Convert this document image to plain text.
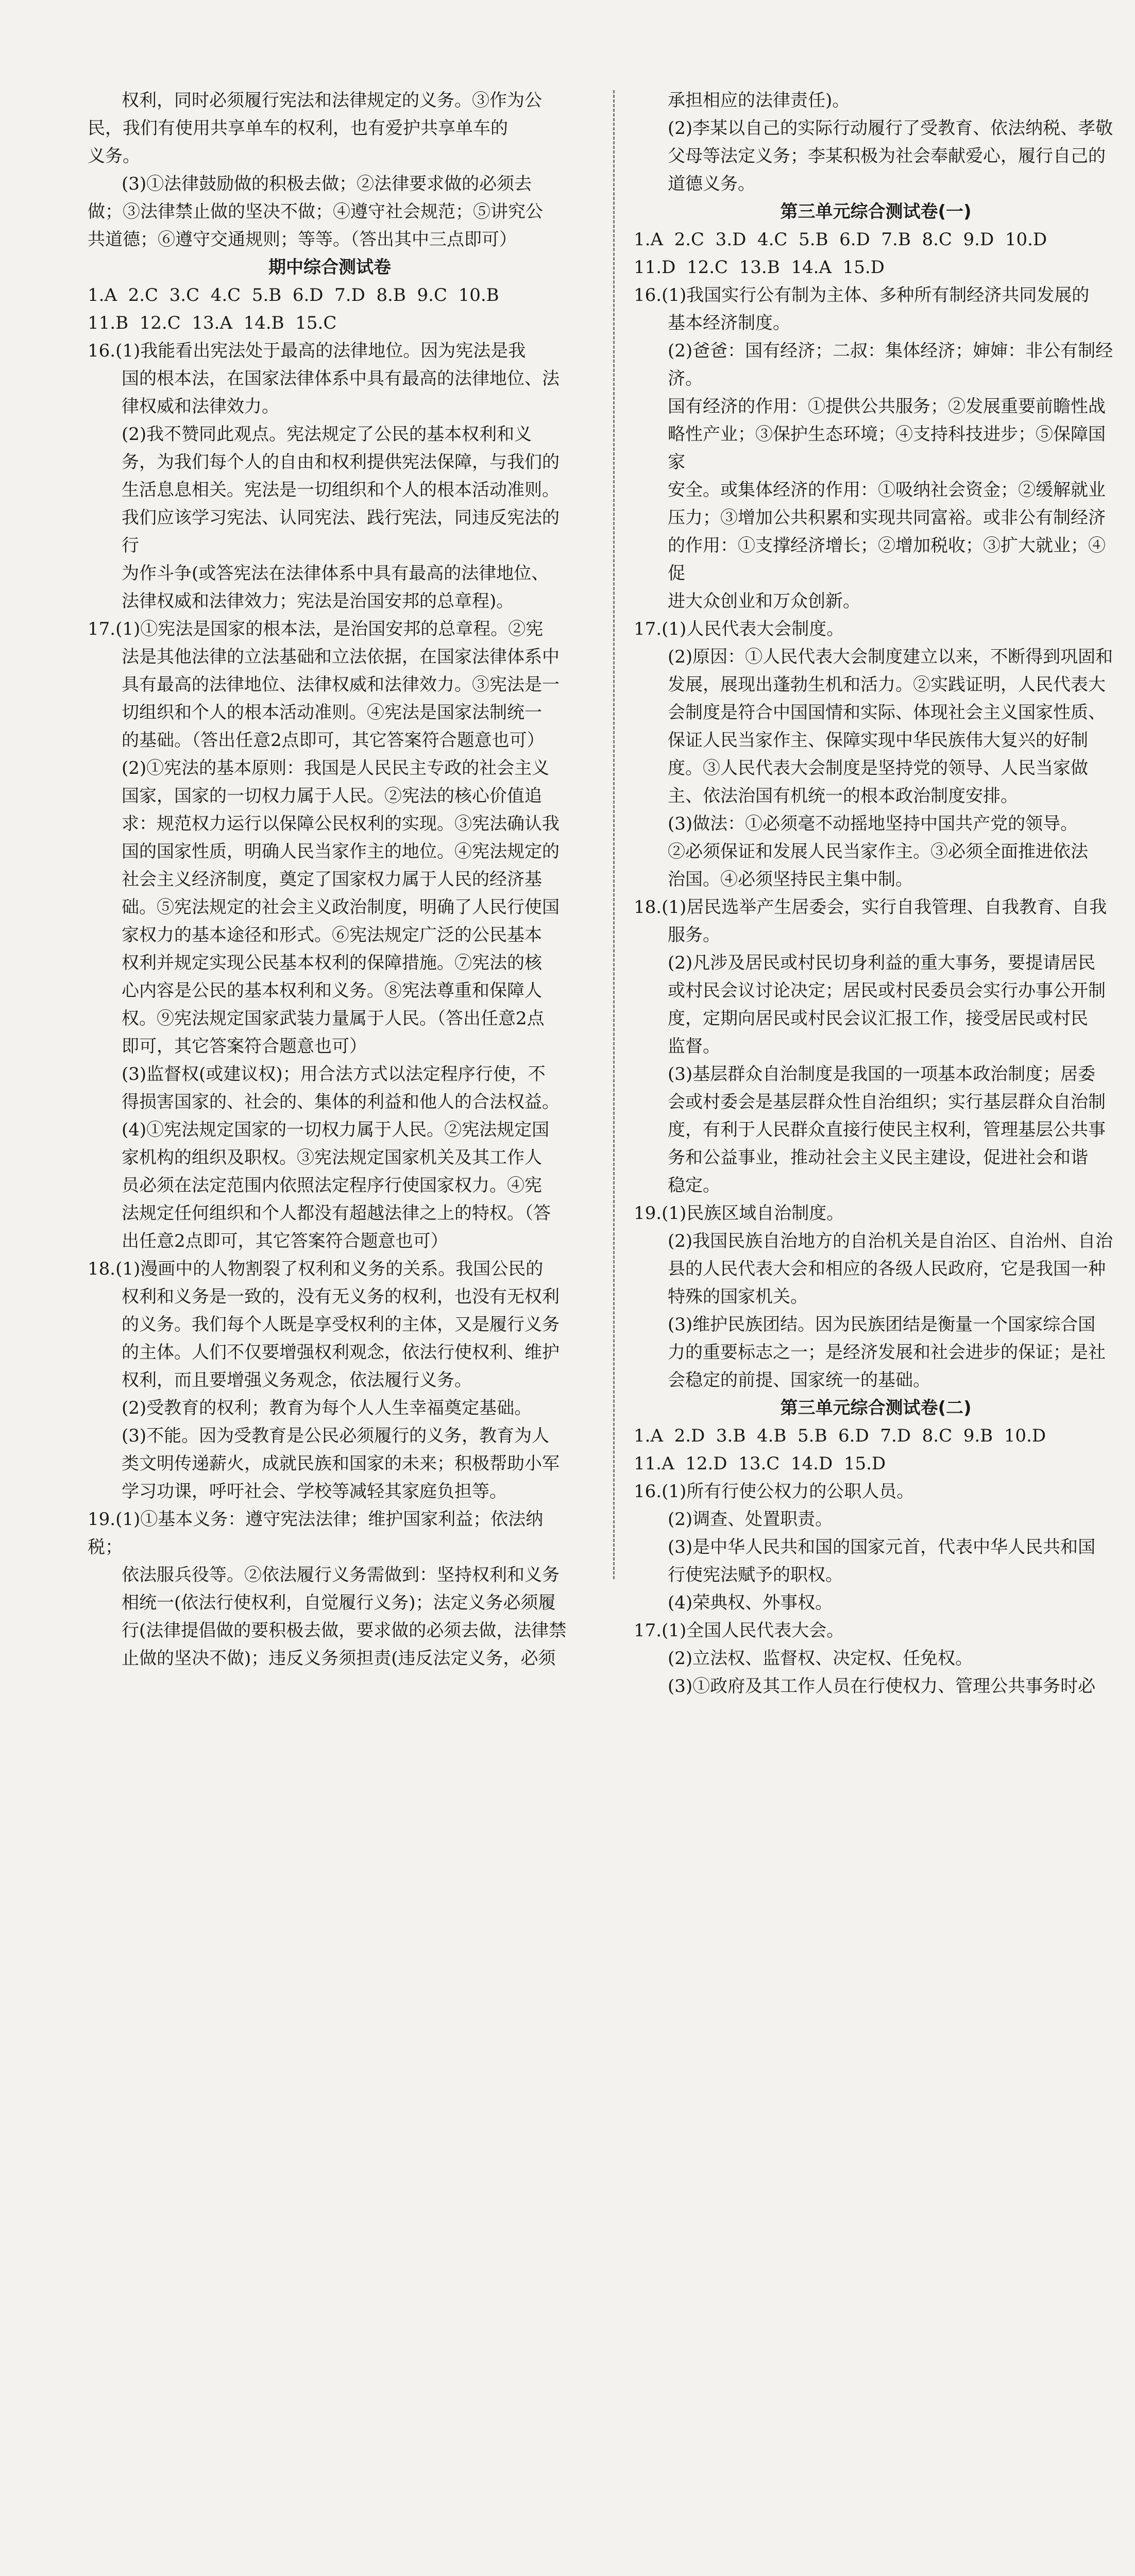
权利，同时必须履行宪法和法律规定的义务。③作为公

民，我们有使用共享单车的权利，也有爱护共享单车的

义务。

(3)①法律鼓励做的积极去做；②法律要求做的必须去

做；③法律禁止做的坚决不做；④遵守社会规范；⑤讲究公

共道德；⑥遵守交通规则；等等。（答出其中三点即可）

期中综合测试卷

1.A  2.C  3.C  4.C  5.B  6.D  7.D  8.B  9.C  10.B

11.B  12.C  13.A  14.B  15.C

16.(1)我能看出宪法处于最高的法律地位。因为宪法是我

国的根本法，在国家法律体系中具有最高的法律地位、法

律权威和法律效力。

(2)我不赞同此观点。宪法规定了公民的基本权利和义

务，为我们每个人的自由和权利提供宪法保障，与我们的

生活息息相关。宪法是一切组织和个人的根本活动准则。

我们应该学习宪法、认同宪法、践行宪法，同违反宪法的行

为作斗争(或答宪法在法律体系中具有最高的法律地位、

法律权威和法律效力；宪法是治国安邦的总章程)。

17.(1)①宪法是国家的根本法，是治国安邦的总章程。②宪

法是其他法律的立法基础和立法依据，在国家法律体系中

具有最高的法律地位、法律权威和法律效力。③宪法是一

切组织和个人的根本活动准则。④宪法是国家法制统一

的基础。（答出任意2点即可，其它答案符合题意也可）

(2)①宪法的基本原则：我国是人民民主专政的社会主义

国家，国家的一切权力属于人民。②宪法的核心价值追

求：规范权力运行以保障公民权利的实现。③宪法确认我

国的国家性质，明确人民当家作主的地位。④宪法规定的

社会主义经济制度，奠定了国家权力属于人民的经济基

础。⑤宪法规定的社会主义政治制度，明确了人民行使国

家权力的基本途径和形式。⑥宪法规定广泛的公民基本

权利并规定实现公民基本权利的保障措施。⑦宪法的核

心内容是公民的基本权利和义务。⑧宪法尊重和保障人

权。⑨宪法规定国家武装力量属于人民。（答出任意2点

即可，其它答案符合题意也可）

(3)监督权(或建议权)；用合法方式以法定程序行使，不

得损害国家的、社会的、集体的利益和他人的合法权益。

(4)①宪法规定国家的一切权力属于人民。②宪法规定国

家机构的组织及职权。③宪法规定国家机关及其工作人

员必须在法定范围内依照法定程序行使国家权力。④宪

法规定任何组织和个人都没有超越法律之上的特权。（答

出任意2点即可，其它答案符合题意也可）

18.(1)漫画中的人物割裂了权利和义务的关系。我国公民的

权利和义务是一致的，没有无义务的权利，也没有无权利

的义务。我们每个人既是享受权利的主体，又是履行义务

的主体。人们不仅要增强权利观念，依法行使权利、维护

权利，而且要增强义务观念，依法履行义务。

(2)受教育的权利；教育为每个人人生幸福奠定基础。

(3)不能。因为受教育是公民必须履行的义务，教育为人

类文明传递薪火，成就民族和国家的未来；积极帮助小军

学习功课，呼吁社会、学校等减轻其家庭负担等。

19.(1)①基本义务：遵守宪法法律；维护国家利益；依法纳税；

依法服兵役等。②依法履行义务需做到：坚持权利和义务

相统一(依法行使权利，自觉履行义务)；法定义务必须履

行(法律提倡做的要积极去做，要求做的必须去做，法律禁

止做的坚决不做)；违反义务须担责(违反法定义务，必须

承担相应的法律责任)。

(2)李某以自己的实际行动履行了受教育、依法纳税、孝敬

父母等法定义务；李某积极为社会奉献爱心，履行自己的

道德义务。

第三单元综合测试卷(一)

1.A  2.C  3.D  4.C  5.B  6.D  7.B  8.C  9.D  10.D

11.D  12.C  13.B  14.A  15.D

16.(1)我国实行公有制为主体、多种所有制经济共同发展的

基本经济制度。

(2)爸爸：国有经济；二叔：集体经济；婶婶：非公有制经济。

国有经济的作用：①提供公共服务；②发展重要前瞻性战

略性产业；③保护生态环境；④支持科技进步；⑤保障国家

安全。或集体经济的作用：①吸纳社会资金；②缓解就业

压力；③增加公共积累和实现共同富裕。或非公有制经济

的作用：①支撑经济增长；②增加税收；③扩大就业；④促

进大众创业和万众创新。

17.(1)人民代表大会制度。

(2)原因：①人民代表大会制度建立以来，不断得到巩固和

发展，展现出蓬勃生机和活力。②实践证明，人民代表大

会制度是符合中国国情和实际、体现社会主义国家性质、

保证人民当家作主、保障实现中华民族伟大复兴的好制

度。③人民代表大会制度是坚持党的领导、人民当家做

主、依法治国有机统一的根本政治制度安排。

(3)做法：①必须毫不动摇地坚持中国共产党的领导。

②必须保证和发展人民当家作主。③必须全面推进依法

治国。④必须坚持民主集中制。

18.(1)居民选举产生居委会，实行自我管理、自我教育、自我

服务。

(2)凡涉及居民或村民切身利益的重大事务，要提请居民

或村民会议讨论决定；居民或村民委员会实行办事公开制

度，定期向居民或村民会议汇报工作，接受居民或村民

监督。

(3)基层群众自治制度是我国的一项基本政治制度；居委

会或村委会是基层群众性自治组织；实行基层群众自治制

度，有利于人民群众直接行使民主权利，管理基层公共事

务和公益事业，推动社会主义民主建设，促进社会和谐

稳定。

19.(1)民族区域自治制度。

(2)我国民族自治地方的自治机关是自治区、自治州、自治

县的人民代表大会和相应的各级人民政府，它是我国一种

特殊的国家机关。

(3)维护民族团结。因为民族团结是衡量一个国家综合国

力的重要标志之一；是经济发展和社会进步的保证；是社

会稳定的前提、国家统一的基础。

第三单元综合测试卷(二)

1.A  2.D  3.B  4.B  5.B  6.D  7.D  8.C  9.B  10.D

11.A  12.D  13.C  14.D  15.D

16.(1)所有行使公权力的公职人员。

(2)调查、处置职责。

(3)是中华人民共和国的国家元首，代表中华人民共和国

行使宪法赋予的职权。

(4)荣典权、外事权。

17.(1)全国人民代表大会。

(2)立法权、监督权、决定权、任免权。

(3)①政府及其工作人员在行使权力、管理公共事务时必
